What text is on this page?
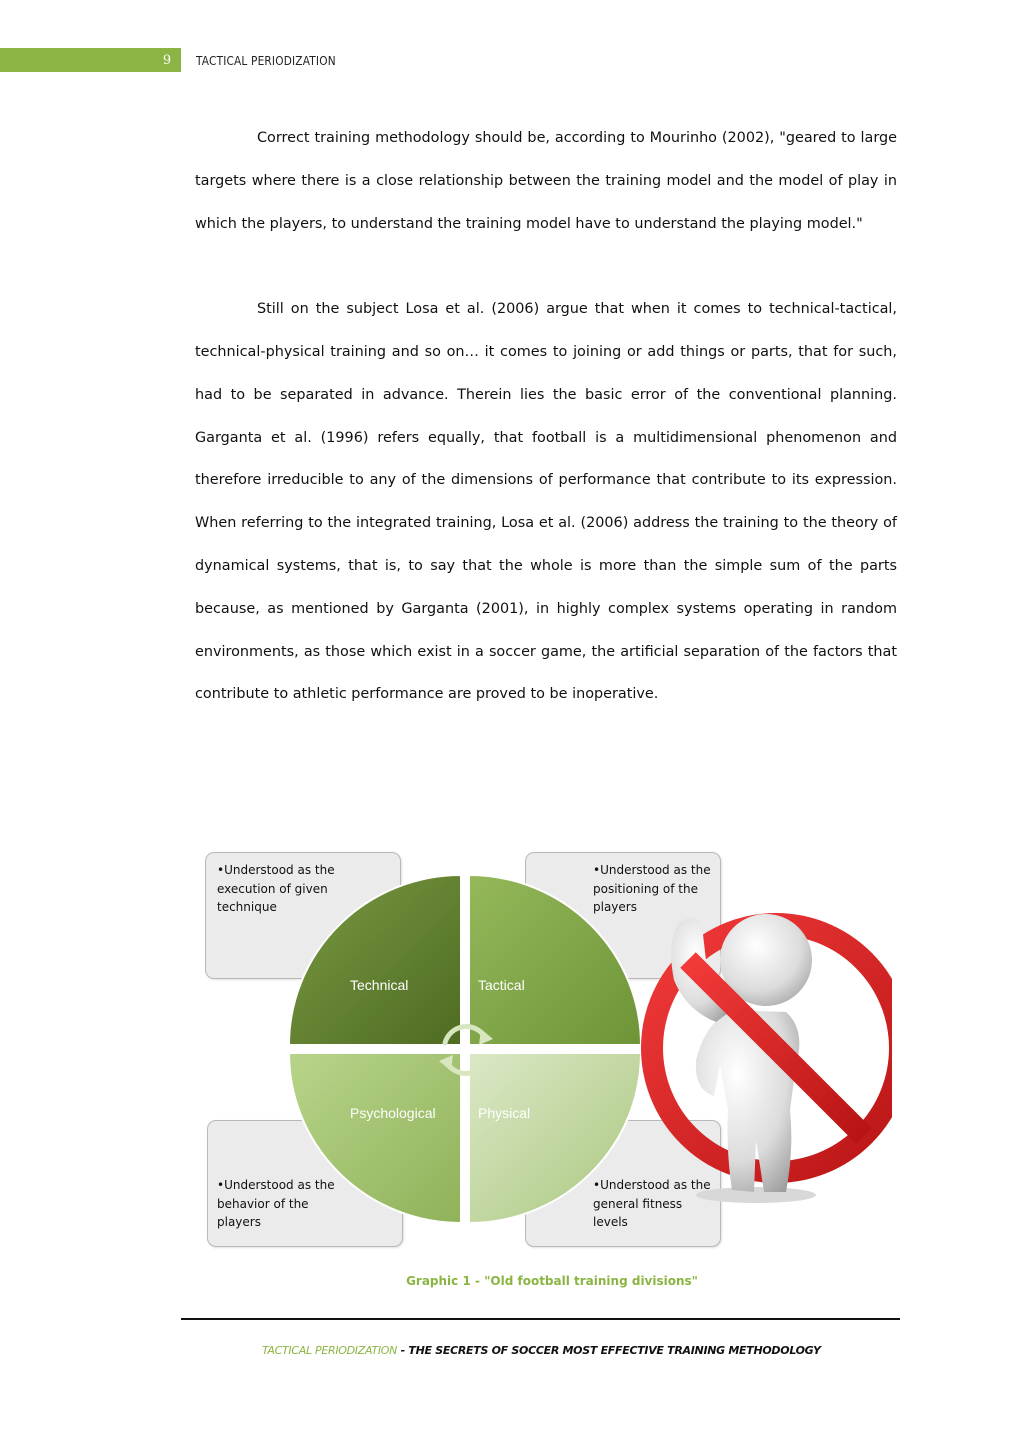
9	TACTICAL PERIODIZATION

Correct training methodology should be, according to Mourinho (2002), "geared to large targets where there is a close relationship between the training model and the model of play in which the players, to understand the training model have to understand the playing model."

Still on the subject Losa et al. (2006) argue that when it comes to technical-tactical, technical-physical training and so on… it comes to joining or add things or parts, that for such, had to be separated in advance. Therein lies the basic error of the conventional planning. Garganta et al. (1996) refers equally, that football is a multidimensional phenomenon and therefore irreducible to any of the dimensions of performance that contribute to its expression. When referring to the integrated training, Losa et al. (2006) address the training to the theory of dynamical systems, that is, to say that the whole is more than the simple sum of the parts because, as mentioned by Garganta (2001), in highly complex systems operating in random environments, as those which exist in a soccer game, the artificial separation of the factors that contribute to athletic performance are proved to be inoperative.

Technical	Tactical
Psychological	Physical
•Understood as the execution of given technique
•Understood as the positioning of the players
•Understood as the behavior of the players
•Understood as the general fitness levels
Graphic 1 - "Old football training divisions"
TACTICAL PERIODIZATION - THE SECRETS OF SOCCER MOST EFFECTIVE TRAINING METHODOLOGY
